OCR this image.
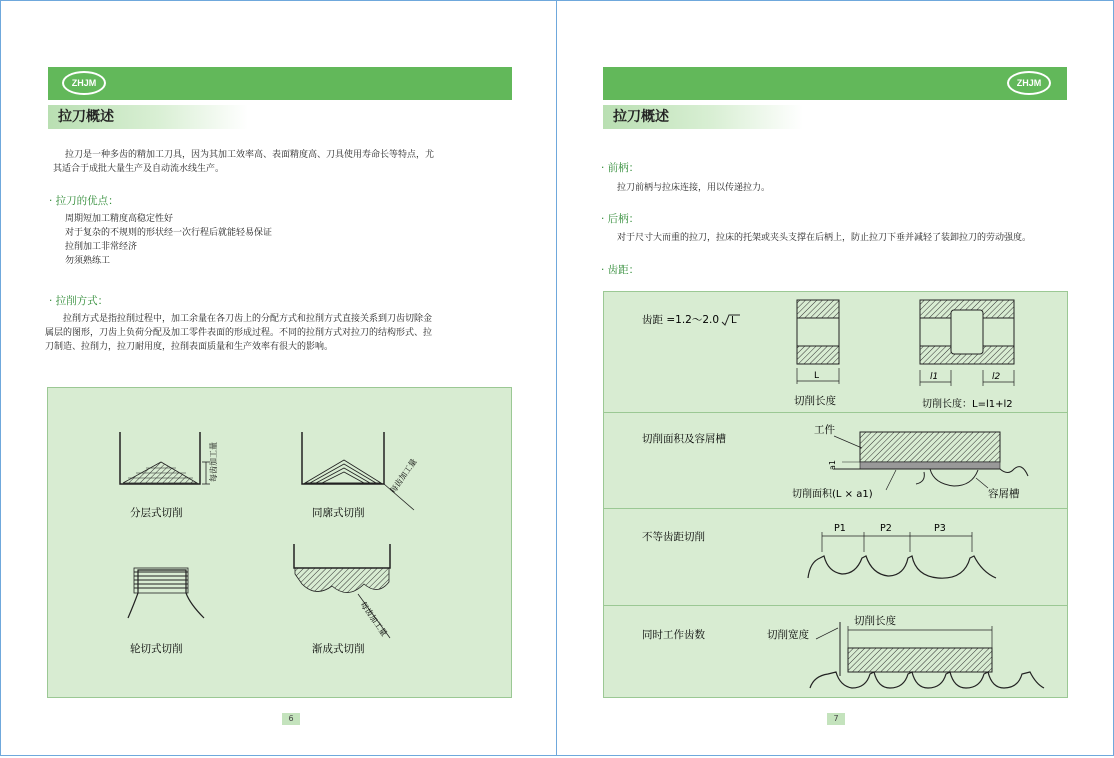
ZHJM
拉刀概述
拉刀是一种多齿的精加工刀具，因为其加工效率高、表面精度高、刀具使用寿命长等特点，尤
其适合于成批大量生产及自动流水线生产。
· 拉刀的优点：
周期短加工精度高稳定性好
对于复杂的不规则的形状经一次行程后就能轻易保证
拉削加工非常经济
勿须熟练工
· 拉削方式：
拉削方式是指拉削过程中，加工余量在各刀齿上的分配方式和拉削方式直接关系到刀齿切除金
属层的图形，刀齿上负荷分配及加工零件表面的形成过程。不同的拉削方式对拉刀的结构形式、拉
刀制造、拉削力，拉刀耐用度，拉削表面质量和生产效率有很大的影响。
每齿加工量	每齿加工量
分层式切削	同廓式切削
每齿加工量
轮切式切削	渐成式切削
6
ZHJM
拉刀概述
· 前柄：
拉刀前柄与拉床连接，用以传递拉力。
· 后柄：
对于尺寸大而重的拉刀，拉床的托架或夹头支撑在后柄上，防止拉刀下垂并减轻了装卸拉刀的劳动强度。
· 齿距：
齿距 =1.2～2.0 L
L
切削长度
l1	l2
切削长度：L=l1+l2
切削面积及容屑槽
工件
a1
切削面积(L × a1)	容屑槽
不等齿距切削
P1	P2	P3
同时工作齿数
切削长度
切削宽度
7
